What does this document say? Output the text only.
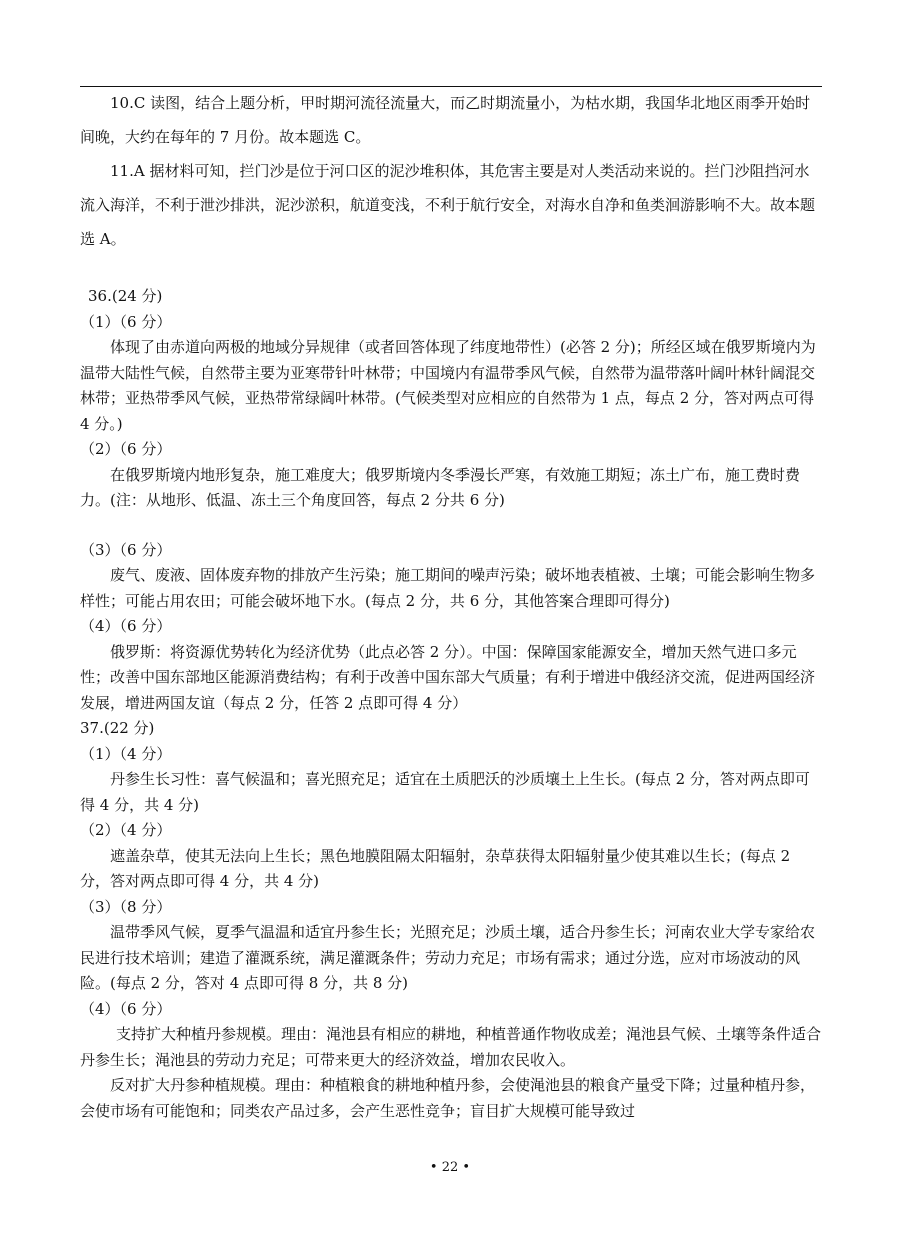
10.C 读图，结合上题分析，甲时期河流径流量大，而乙时期流量小，为枯水期，我国华北地区雨季开始时间晚，大约在每年的 7 月份。故本题选 C。

11.A 据材料可知，拦门沙是位于河口区的泥沙堆积体，其危害主要是对人类活动来说的。拦门沙阻挡河水流入海洋，不利于泄沙排洪，泥沙淤积，航道变浅，不利于航行安全，对海水自净和鱼类洄游影响不大。故本题选 A。

36.(24 分)

（1）（6 分）

体现了由赤道向两极的地域分异规律（或者回答体现了纬度地带性）(必答 2 分)；所经区域在俄罗斯境内为温带大陆性气候，自然带主要为亚寒带针叶林带；中国境内有温带季风气候，自然带为温带落叶阔叶林针阔混交林带；亚热带季风气候，亚热带常绿阔叶林带。(气候类型对应相应的自然带为 1 点，每点 2 分，答对两点可得 4 分。)

（2）（6 分）

在俄罗斯境内地形复杂，施工难度大；俄罗斯境内冬季漫长严寒，有效施工期短；冻土广布，施工费时费力。(注：从地形、低温、冻土三个角度回答，每点 2 分共 6 分)

（3）（6 分）

废气、废液、固体废弃物的排放产生污染；施工期间的噪声污染；破坏地表植被、土壤；可能会影响生物多样性；可能占用农田；可能会破坏地下水。(每点 2 分，共 6 分，其他答案合理即可得分)

（4）（6 分）

俄罗斯：将资源优势转化为经济优势（此点必答 2 分）。中国：保障国家能源安全，增加天然气进口多元性；改善中国东部地区能源消费结构；有利于改善中国东部大气质量；有利于增进中俄经济交流，促进两国经济发展，增进两国友谊（每点 2 分，任答 2 点即可得 4 分）

37.(22 分)

（1）（4 分）

丹参生长习性：喜气候温和；喜光照充足；适宜在土质肥沃的沙质壤土上生长。(每点 2 分，答对两点即可得 4 分，共 4 分)

（2）（4 分）

遮盖杂草，使其无法向上生长；黑色地膜阻隔太阳辐射，杂草获得太阳辐射量少使其难以生长；(每点 2 分，答对两点即可得 4 分，共 4 分)

（3）（8 分）

温带季风气候，夏季气温温和适宜丹参生长；光照充足；沙质土壤，适合丹参生长；河南农业大学专家给农民进行技术培训；建造了灌溉系统，满足灌溉条件；劳动力充足；市场有需求；通过分选，应对市场波动的风险。(每点 2 分，答对 4 点即可得 8 分，共 8 分)

（4）（6 分）

支持扩大种植丹参规模。理由：渑池县有相应的耕地，种植普通作物收成差；渑池县气候、土壤等条件适合丹参生长；渑池县的劳动力充足；可带来更大的经济效益，增加农民收入。

反对扩大丹参种植规模。理由：种植粮食的耕地种植丹参，会使渑池县的粮食产量受下降；过量种植丹参，会使市场有可能饱和；同类农产品过多，会产生恶性竞争；盲目扩大规模可能导致过

• 22 •
